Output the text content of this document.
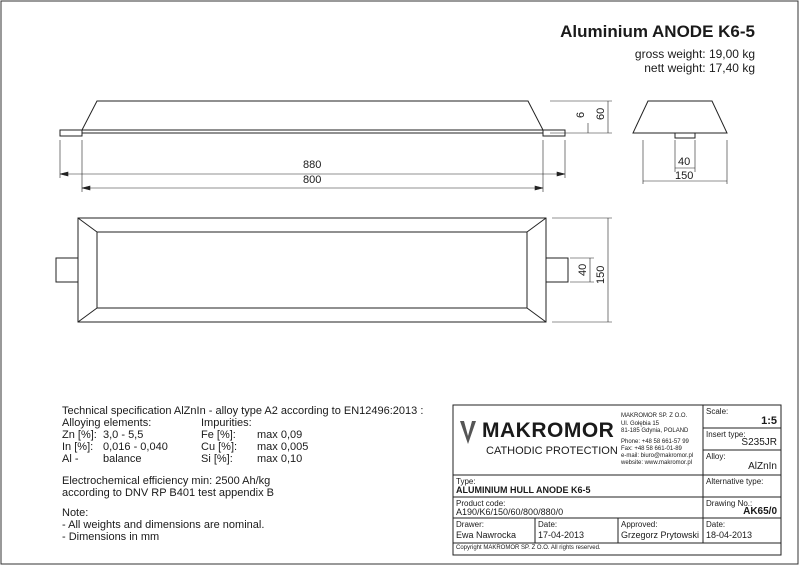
Aluminium ANODE K6-5
gross weight: 19,00 kg
nett weight: 17,40 kg
6 60
40
150
880
800
40 150
Technical specification AlZnIn - alloy type A2 according to EN12496:2013 :
Alloying elements:	Impurities:
Zn [%]: 3,0 - 5,5
In [%]: 0,016 - 0,040
Al - balance
Fe [%]: max 0,09
Cu [%]: max 0,005
Si [%]: max 0,10
Electrochemical efficiency min: 2500 Ah/kg
according to DNV RP B401 test appendix B
Note:
- All weights and dimensions are nominal.
- Dimensions in mm
MAKROMOR
CATHODIC PROTECTION
MAKROMOR SP. Z O.O.
Ul. Gołębia 15
81-185 Gdynia, POLAND
Phone: +48 58 661-57 99
Fax: +48 58 661-01-89
e-mail: biuro@makromor.pl
website: www.makromor.pl
Scale:
1:5
Insert type:
S235JR
Alloy:
AlZnIn
Type:
ALUMINIUM HULL ANODE K6-5
Alternative type:
Product code:
A190/K6/150/60/800/880/0
Drawing No.:
AK65/0
Drawer:
Ewa Nawrocka
Date:
17-04-2013
Approved:
Grzegorz Prytowski
Date:
18-04-2013
Copyright MAKROMOR SP. Z O.O. All rights reserved.
